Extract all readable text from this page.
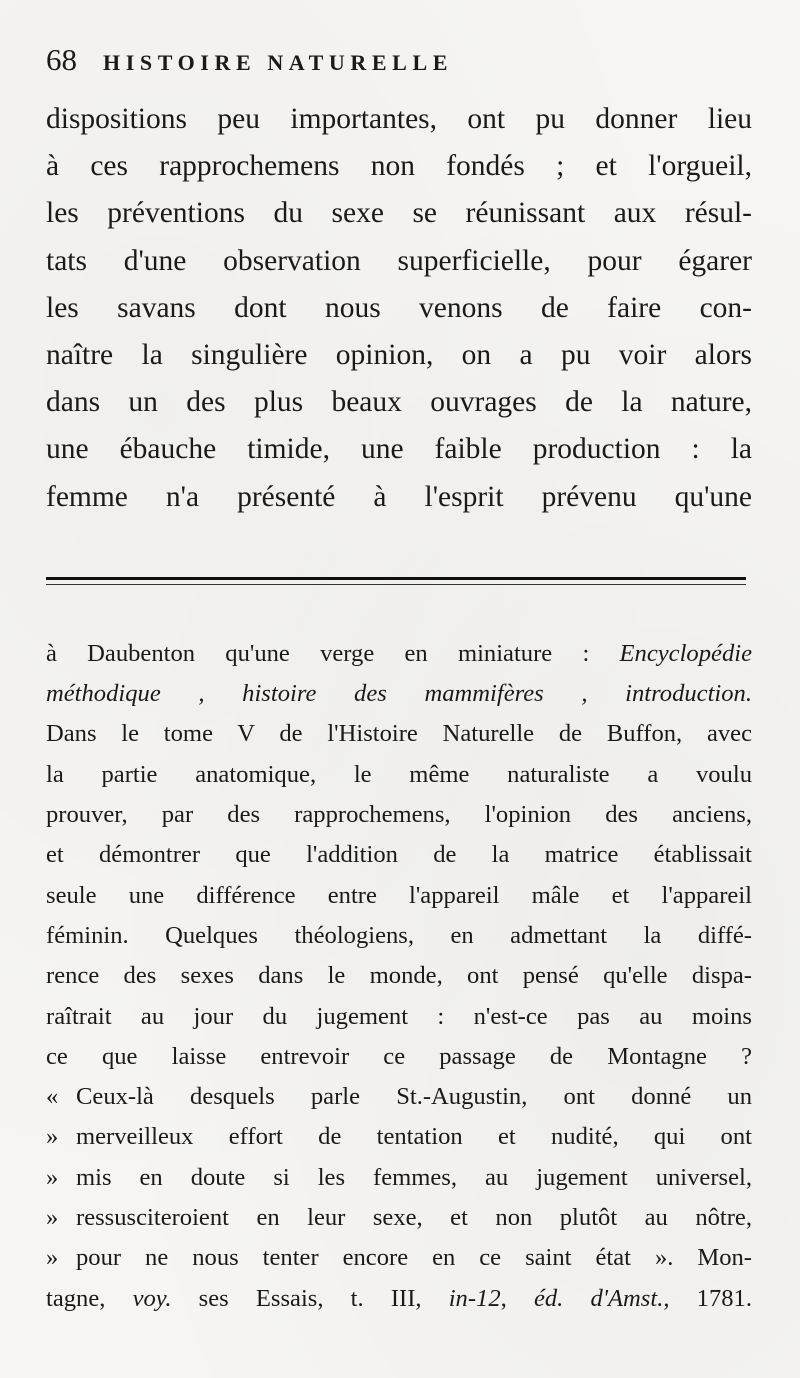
68 HISTOIRE NATURELLE
dispositions peu importantes, ont pu donner lieu
à ces rapprochemens non fondés ; et l'orgueil,
les préventions du sexe se réunissant aux résul-
tats d'une observation superficielle, pour égarer
les savans dont nous venons de faire con-
naître la singulière opinion, on a pu voir alors
dans un des plus beaux ouvrages de la nature,
une ébauche timide, une faible production : la
femme n'a présenté à l'esprit prévenu qu'une
à Daubenton qu'une verge en miniature : Encyclopédie
méthodique , histoire des mammifères , introduction.
Dans le tome V de l'Histoire Naturelle de Buffon, avec
la partie anatomique, le même naturaliste a voulu
prouver, par des rapprochemens, l'opinion des anciens,
et démontrer que l'addition de la matrice établissait
seule une différence entre l'appareil mâle et l'appareil
féminin. Quelques théologiens, en admettant la diffé-
rence des sexes dans le monde, ont pensé qu'elle dispa-
raîtrait au jour du jugement : n'est-ce pas au moins
ce que laisse entrevoir ce passage de Montagne ?
« Ceux-là desquels parle St.-Augustin, ont donné un
» merveilleux effort de tentation et nudité, qui ont
» mis en doute si les femmes, au jugement universel,
» ressusciteroient en leur sexe, et non plutôt au nôtre,
» pour ne nous tenter encore en ce saint état ». Mon-
tagne, voy. ses Essais, t. III, in-12, éd. d'Amst., 1781.
